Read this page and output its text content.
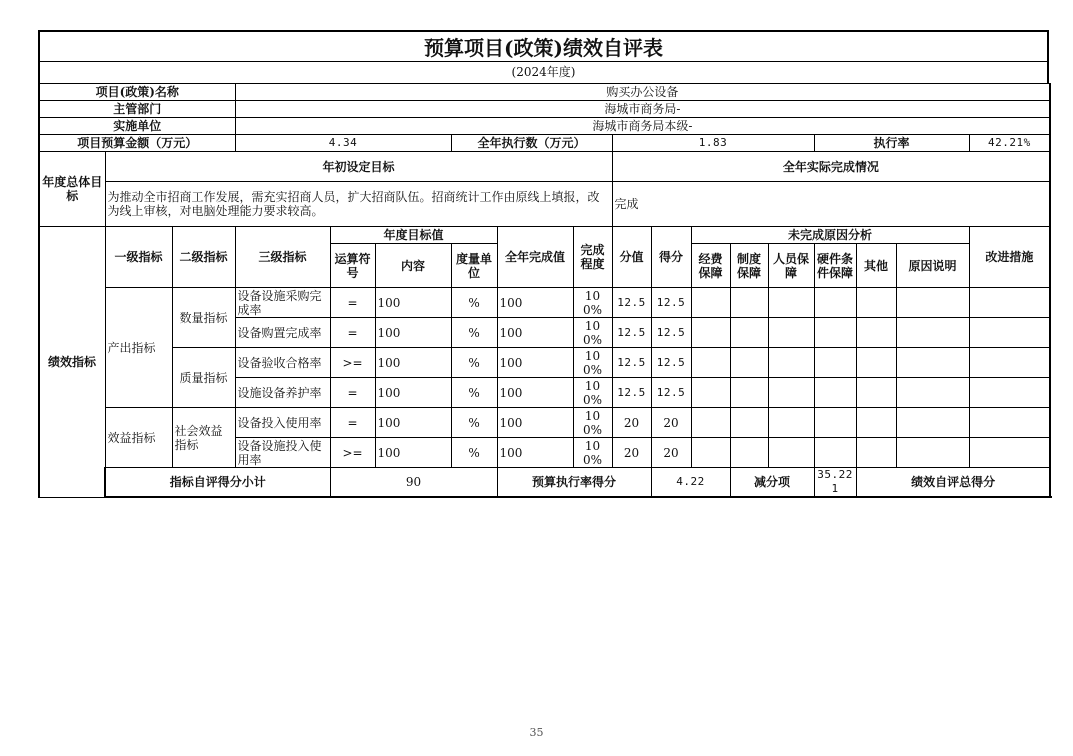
预算项目(政策)绩效自评表
(2024年度)
项目(政策)名称			购买办公设备															
主管部门			海城市商务局-															
实施单位			海城市商务局本级-															
项目预算金额（万元）			4.34			全年执行数（万元）			1.83					执行率			42.21%	
年度总体目标	年初设定目标								全年实际完成情况									
	为推动全市招商工作发展，需充实招商人员，扩大招商队伍。招商统计工作由原线上填报，改为线上审核，对电脑处理能力要求较高。								完成									
绩效指标	一级指标	二级指标	三级指标	年度目标值			全年完成值	完成程度	分值	得分	未完成原因分析						改进措施	
				运算符号	内容	度量单位					经费保障	制度保障	人员保障	硬件条件保障	其他	原因说明		
	产出指标	数量指标	设备设施采购完成率	=	100	%	100	100%	12.5	12.5								
			设备购置完成率	=	100	%	100	100%	12.5	12.5								
		质量指标	设备验收合格率	>=	100	%	100	100%	12.5	12.5								
			设施设备养护率	=	100	%	100	100%	12.5	12.5								
	效益指标	社会效益指标	设备投入使用率	=	100	%	100	100%	20	20								
			设备设施投入使用率	>=	100	%	100	100%	20	20								
	指标自评得分小计			90			预算执行率得分			4.22		减分项		35.221	绩效自评总得分	
35
